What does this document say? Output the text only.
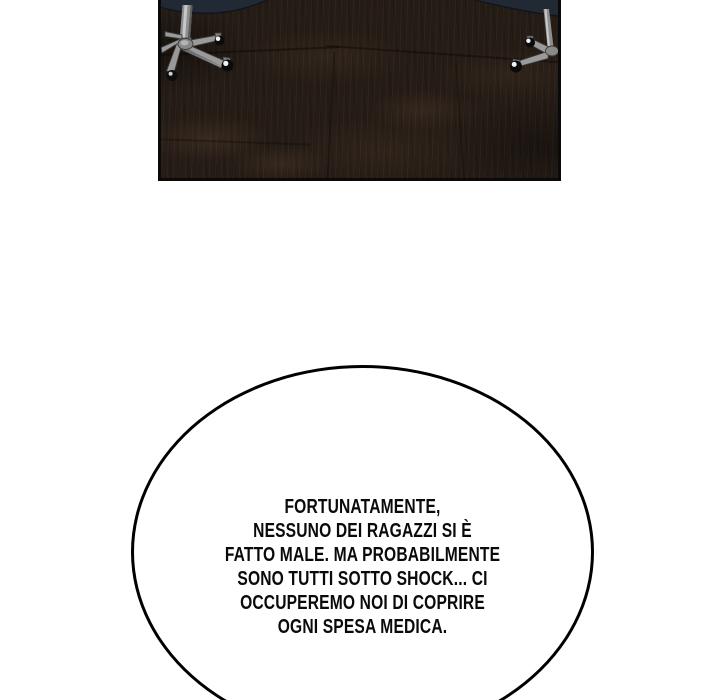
FORTUNATAMENTE,
NESSUNO DEI RAGAZZI SI È
FATTO MALE. MA PROBABILMENTE
SONO TUTTI SOTTO SHOCK... CI
OCCUPEREMO NOI DI COPRIRE
OGNI SPESA MEDICA.
